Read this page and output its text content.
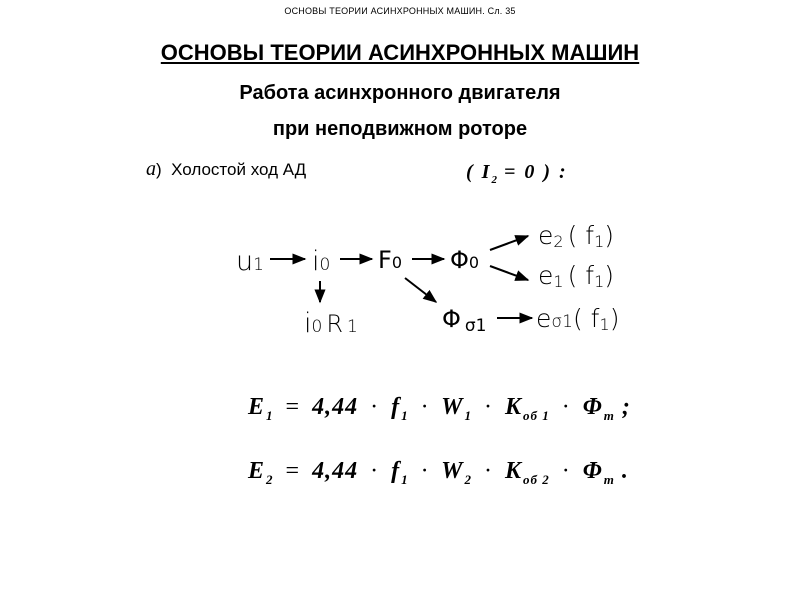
ОСНОВЫ ТЕОРИИ АСИНХРОННЫХ МАШИН. Сл. 35
ОСНОВЫ ТЕОРИИ АСИНХРОННЫХ МАШИН
Работа асинхронного двигателя
при неподвижном роторе
а) Холостой ход АД	( $I_2 = 0$ ) :
u1 i0 F0 Φ0
e2 ( f1)
e1 ( f1)
i0 R 1	Φ σ1 eσ1( f1)
$E_1 = 4,44 \cdot f_1 \cdot W_1 \cdot K_{об 1} \cdot \Phi_m$ ;
$E_2 = 4,44 \cdot f_1 \cdot W_2 \cdot K_{об 2} \cdot \Phi_m$ .
